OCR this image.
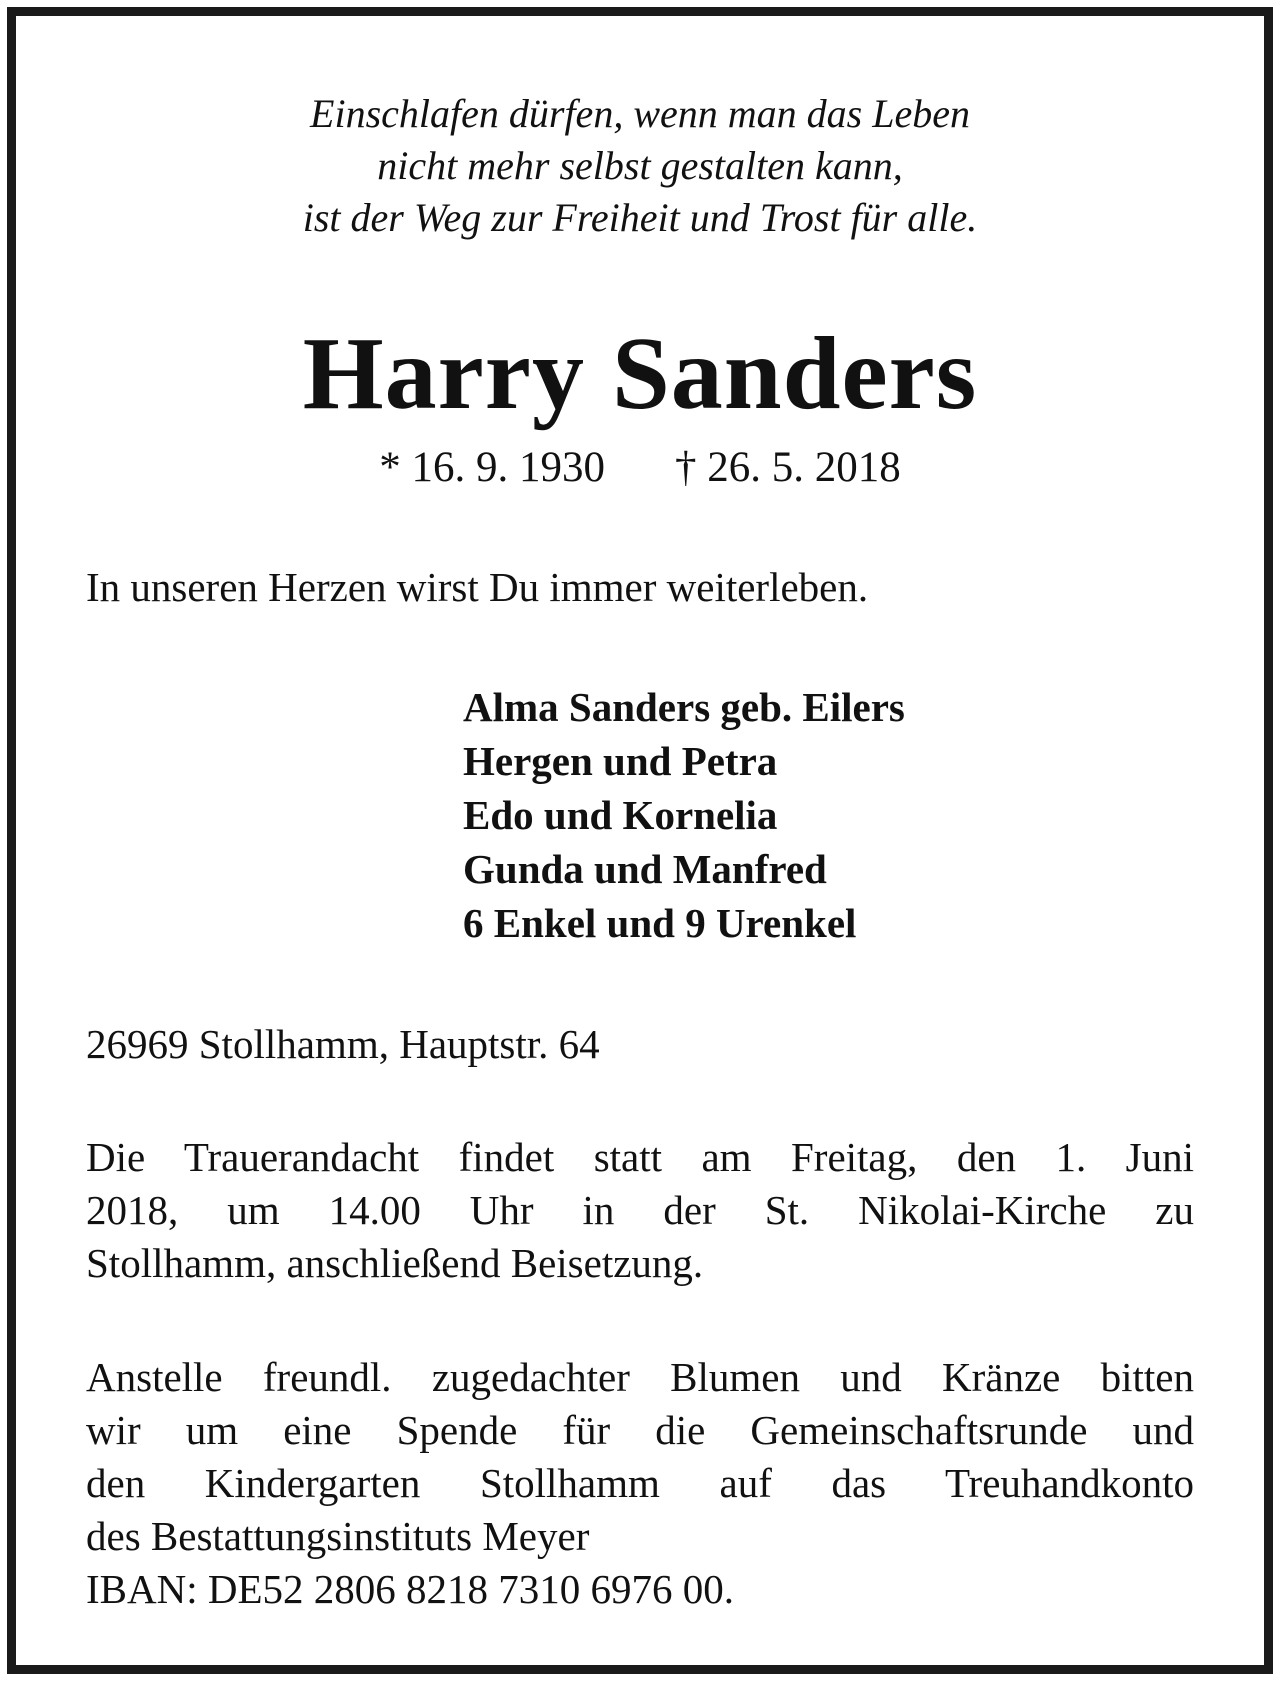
Einschlafen dürfen, wenn man das Leben
nicht mehr selbst gestalten kann,
ist der Weg zur Freiheit und Trost für alle.
Harry Sanders
* 16. 9. 1930 † 26. 5. 2018
In unseren Herzen wirst Du immer weiterleben.
Alma Sanders geb. Eilers
Hergen und Petra
Edo und Kornelia
Gunda und Manfred
6 Enkel und 9 Urenkel
26969 Stollhamm, Hauptstr. 64
Die Trauerandacht findet statt am Freitag, den 1. Juni
2018, um 14.00 Uhr in der St. Nikolai-Kirche zu
Stollhamm, anschließend Beisetzung.
Anstelle freundl. zugedachter Blumen und Kränze bitten
wir um eine Spende für die Gemeinschaftsrunde und
den Kindergarten Stollhamm auf das Treuhandkonto
des Bestattungsinstituts Meyer
IBAN: DE52 2806 8218 7310 6976 00.
